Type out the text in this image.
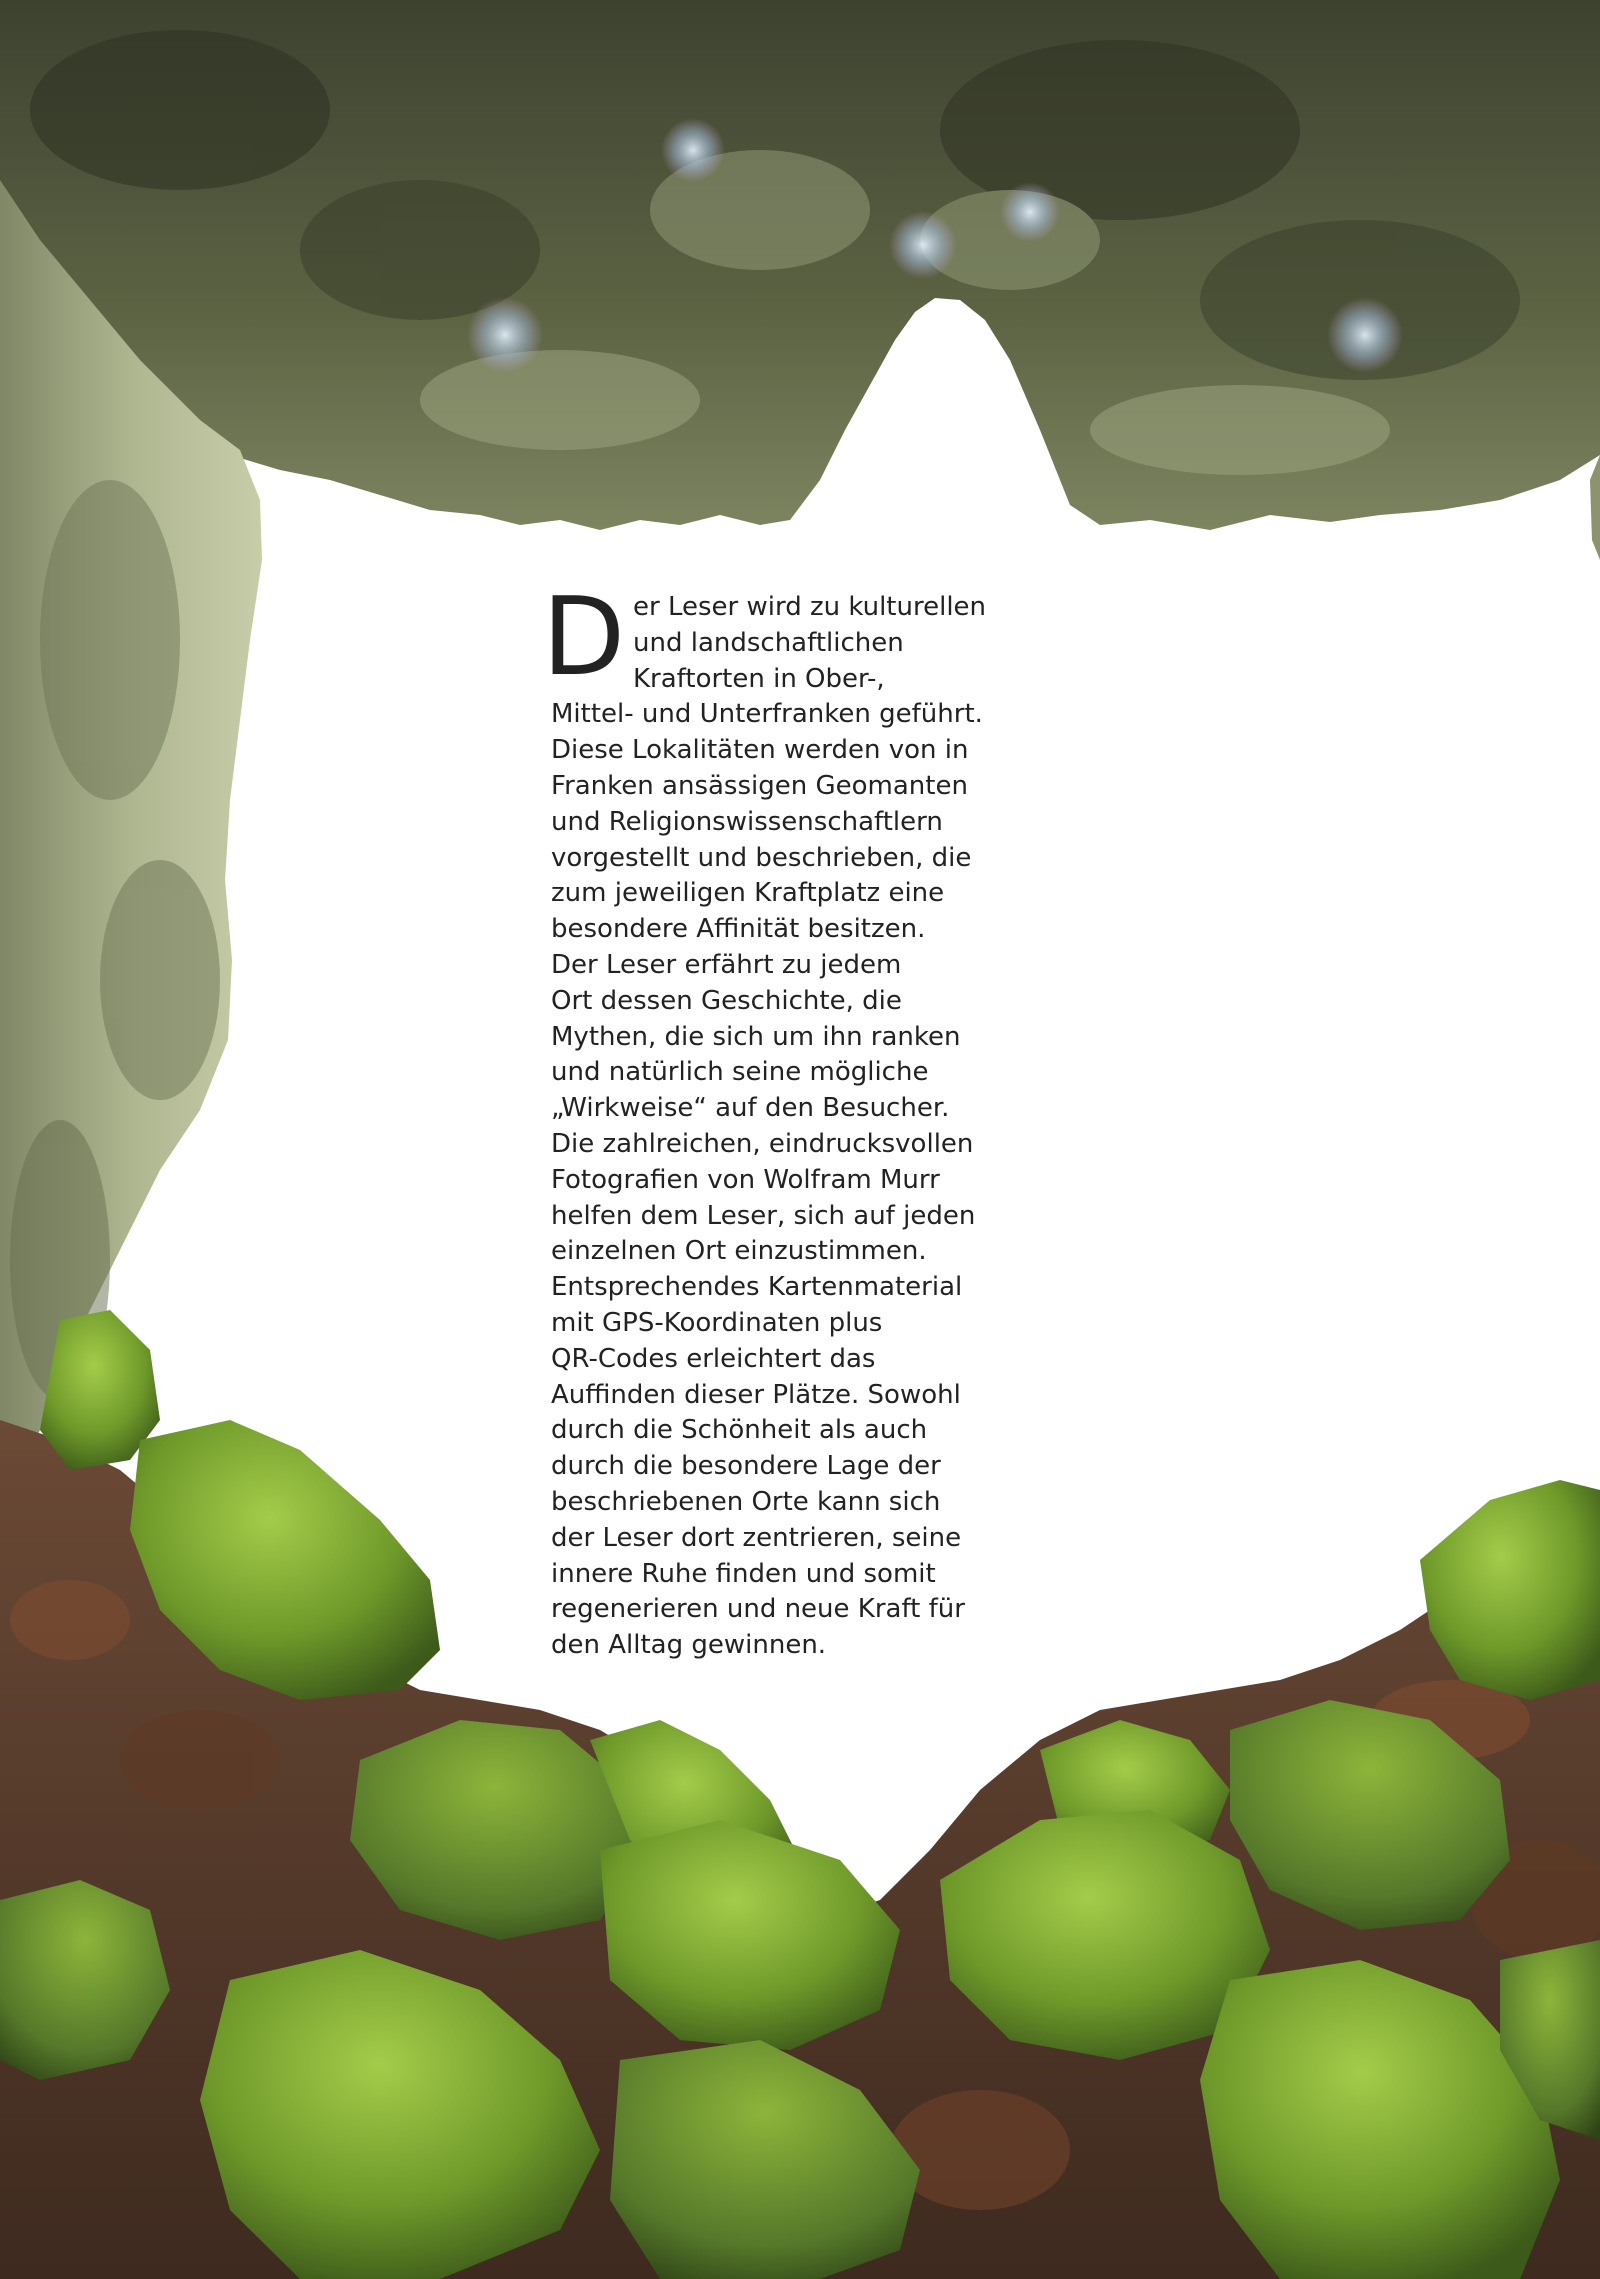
D er Leser wird zu kulturellen
und landschaftlichen
Kraftorten in Ober-,
Mittel- und Unterfranken geführt.
Diese Lokalitäten werden von in
Franken ansässigen Geomanten
und Religionswissenschaftlern
vorgestellt und beschrieben, die
zum jeweiligen Kraftplatz eine
besondere Affinität besitzen.
Der Leser erfährt zu jedem
Ort dessen Geschichte, die
Mythen, die sich um ihn ranken
und natürlich seine mögliche
„Wirkweise“ auf den Besucher.
Die zahlreichen, eindrucksvollen
Fotografien von Wolfram Murr
helfen dem Leser, sich auf jeden
einzelnen Ort einzustimmen.
Entsprechendes Kartenmaterial
mit GPS-Koordinaten plus
QR-Codes erleichtert das
Auffinden dieser Plätze. Sowohl
durch die Schönheit als auch
durch die besondere Lage der
beschriebenen Orte kann sich
der Leser dort zentrieren, seine
innere Ruhe finden und somit
regenerieren und neue Kraft für
den Alltag gewinnen.
